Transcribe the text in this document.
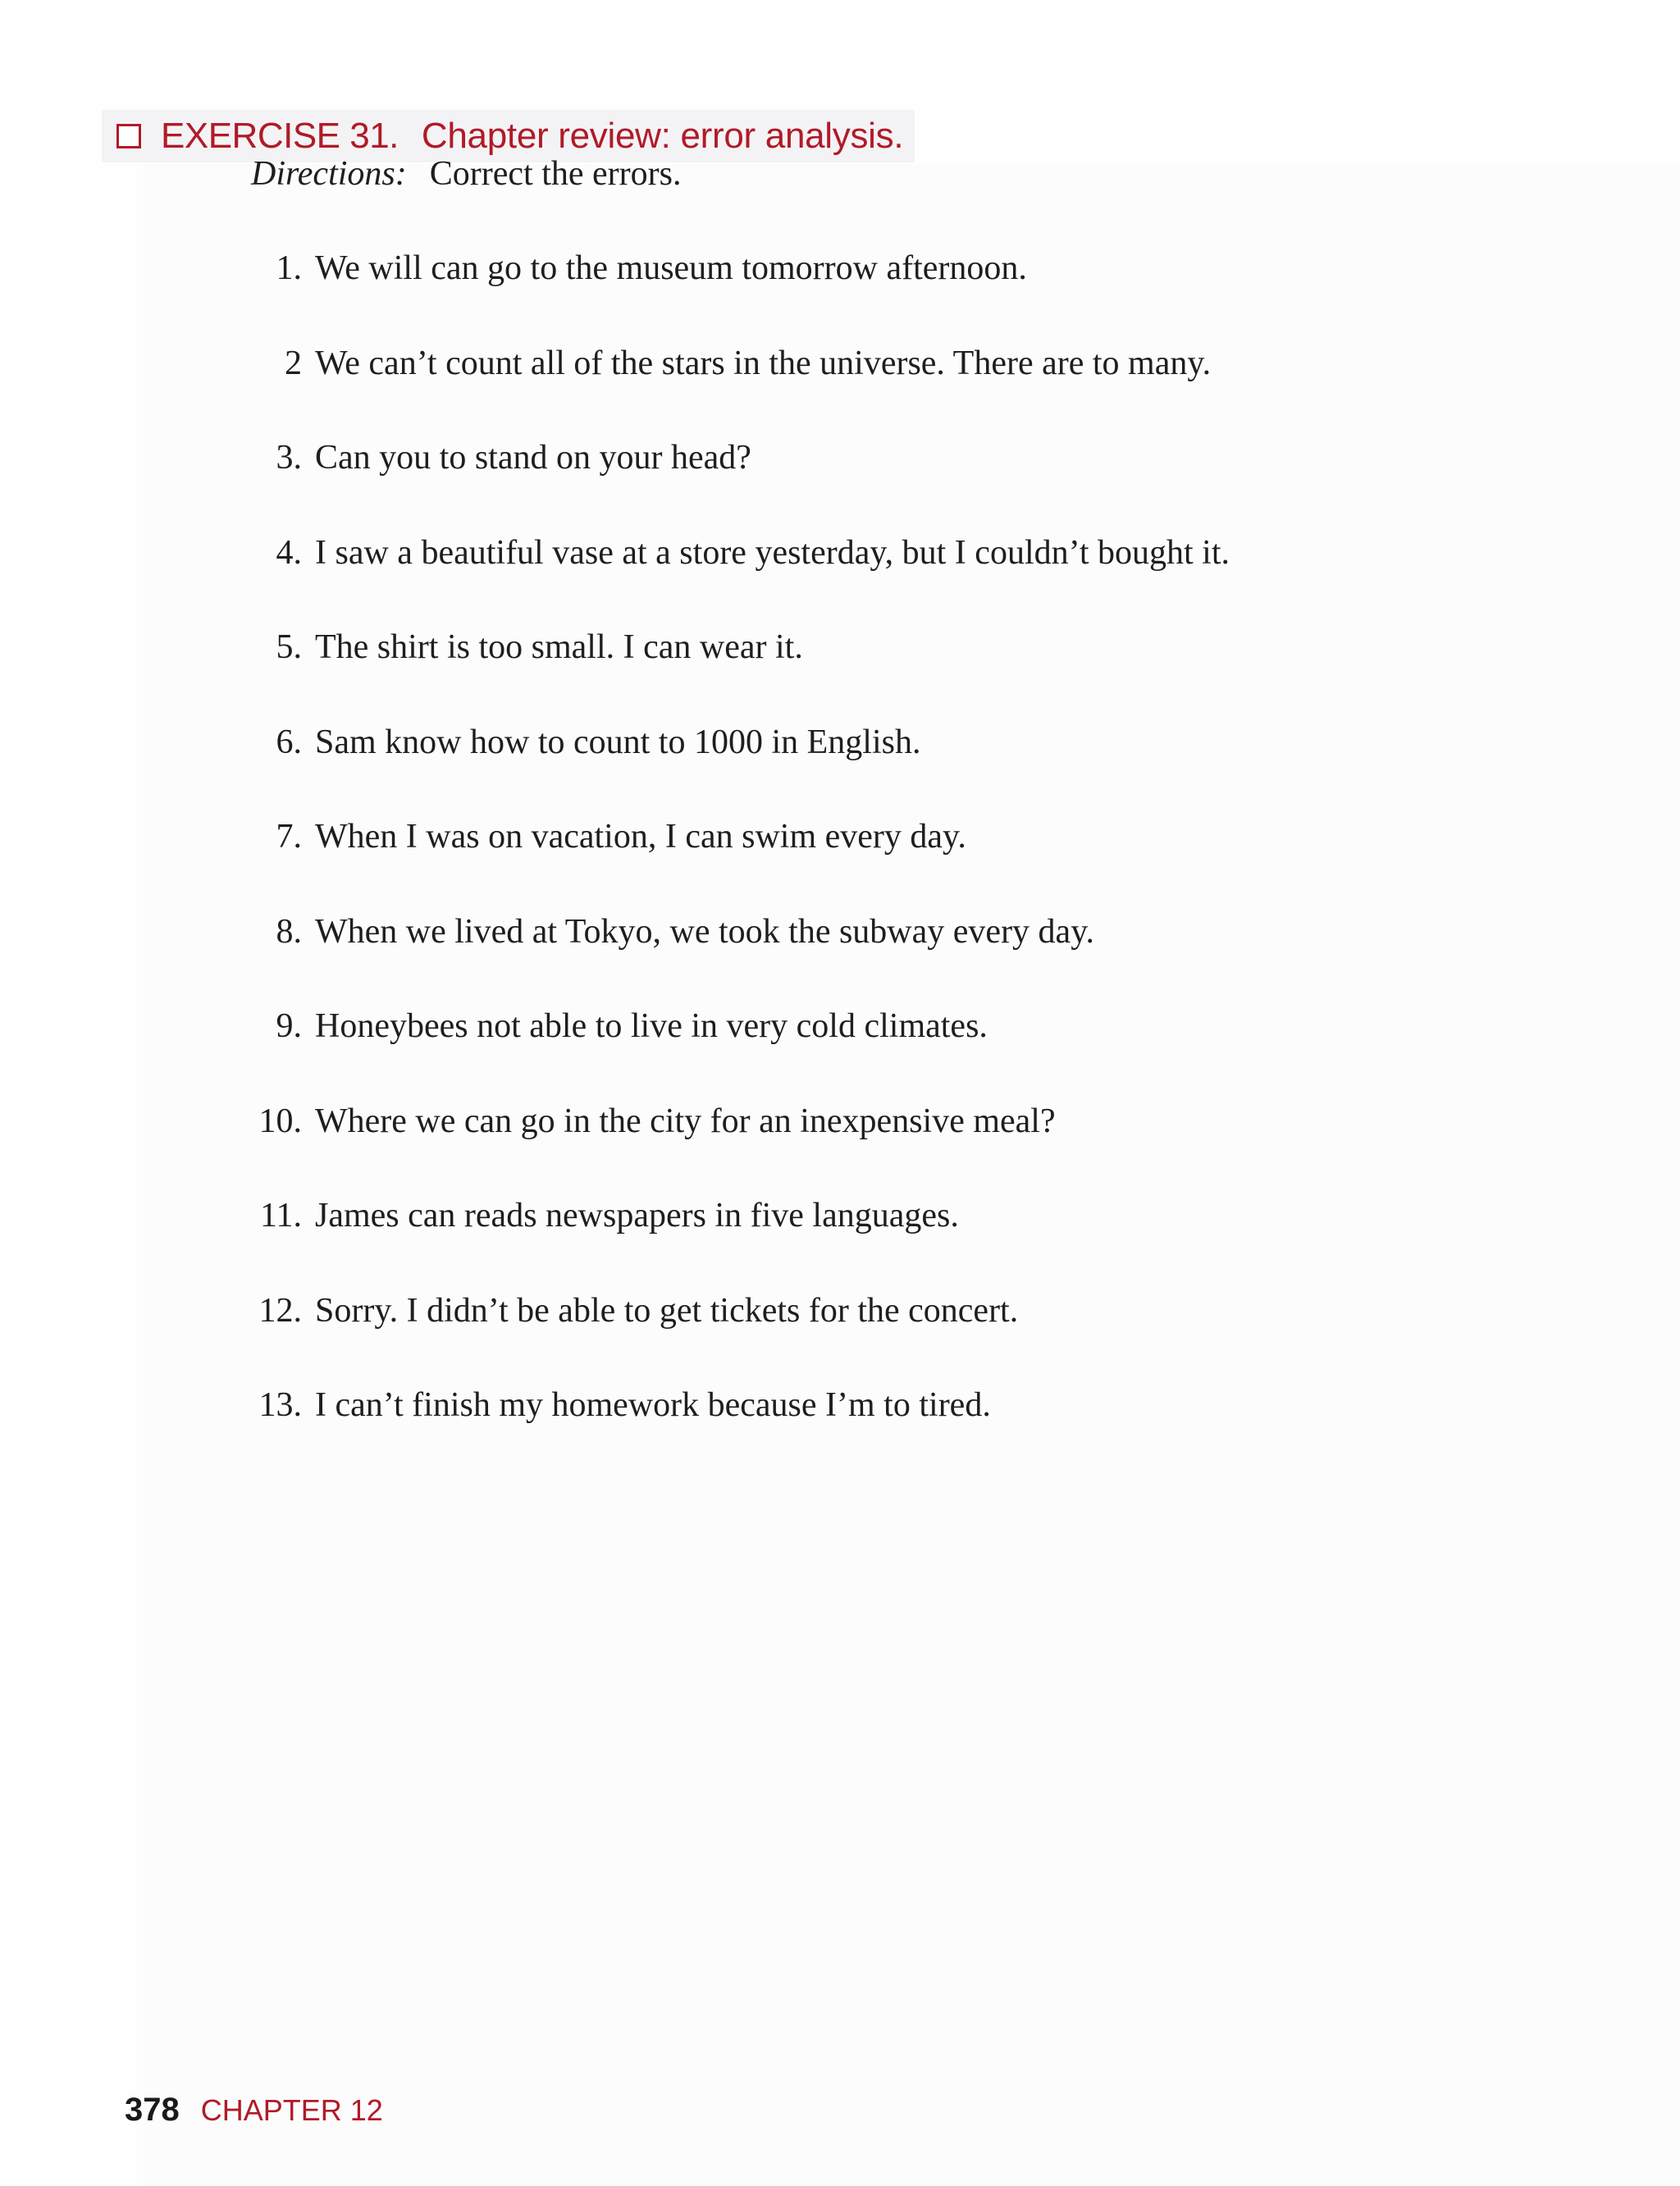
EXERCISE 31. Chapter review: error analysis.
Directions: Correct the errors.
1. We will can go to the museum tomorrow afternoon.
2 We can’t count all of the stars in the universe. There are to many.
3. Can you to stand on your head?
4. I saw a beautiful vase at a store yesterday, but I couldn’t bought it.
5. The shirt is too small. I can wear it.
6. Sam know how to count to 1000 in English.
7. When I was on vacation, I can swim every day.
8. When we lived at Tokyo, we took the subway every day.
9. Honeybees not able to live in very cold climates.
10. Where we can go in the city for an inexpensive meal?
11. James can reads newspapers in five languages.
12. Sorry. I didn’t be able to get tickets for the concert.
13. I can’t finish my homework because I’m to tired.
378 CHAPTER 12
